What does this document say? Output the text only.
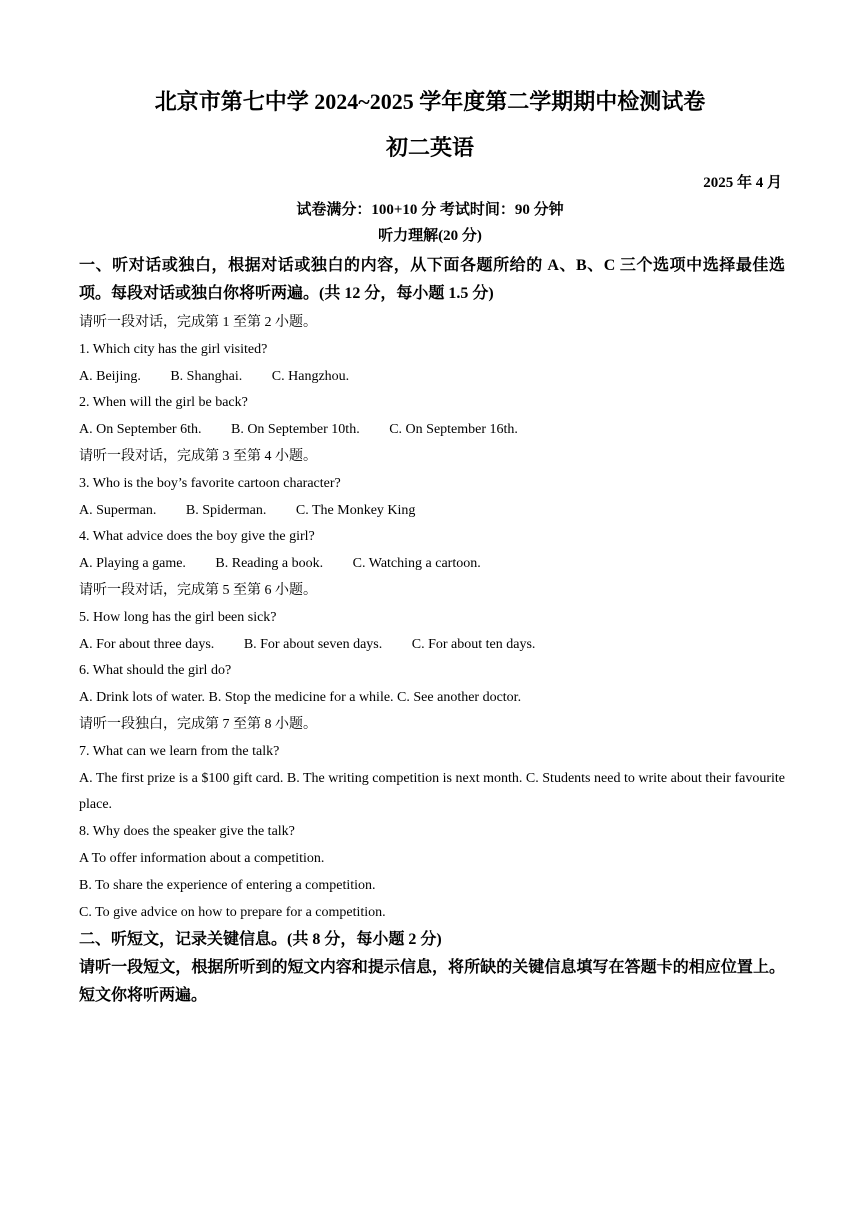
北京市第七中学 2024~2025 学年度第二学期期中检测试卷
初二英语
2025 年 4 月
试卷满分：100+10 分 考试时间：90 分钟
听力理解(20 分)

一、听对话或独白，根据对话或独白的内容，从下面各题所给的 A、B、C 三个选项中选择最佳选项。每段对话或独白你将听两遍。(共 12 分，每小题 1.5 分)

请听一段对话，完成第 1 至第 2 小题。

1. Which city has the girl visited?

A. Beijing. B. Shanghai. C. Hangzhou.

2. When will the girl be back?

A. On September 6th. B. On September 10th. C. On September 16th.

请听一段对话，完成第 3 至第 4 小题。

3. Who is the boy’s favorite cartoon character?

A. Superman. B. Spiderman. C. The Monkey King

4. What advice does the boy give the girl?

A. Playing a game. B. Reading a book. C. Watching a cartoon.

请听一段对话，完成第 5 至第 6 小题。

5. How long has the girl been sick?

A. For about three days. B. For about seven days. C. For about ten days.

6. What should the girl do?

A. Drink lots of water. B. Stop the medicine for a while. C. See another doctor.

请听一段独白，完成第 7 至第 8 小题。

7. What can we learn from the talk?

A. The first prize is a $100 gift card. B. The writing competition is next month. C. Students need to write about their favourite place.

8. Why does the speaker give the talk?

A To offer information about a competition.

B. To share the experience of entering a competition.

C. To give advice on how to prepare for a competition.

二、听短文，记录关键信息。(共 8 分，每小题 2 分)

请听一段短文，根据所听到的短文内容和提示信息，将所缺的关键信息填写在答题卡的相应位置上。短文你将听两遍。
